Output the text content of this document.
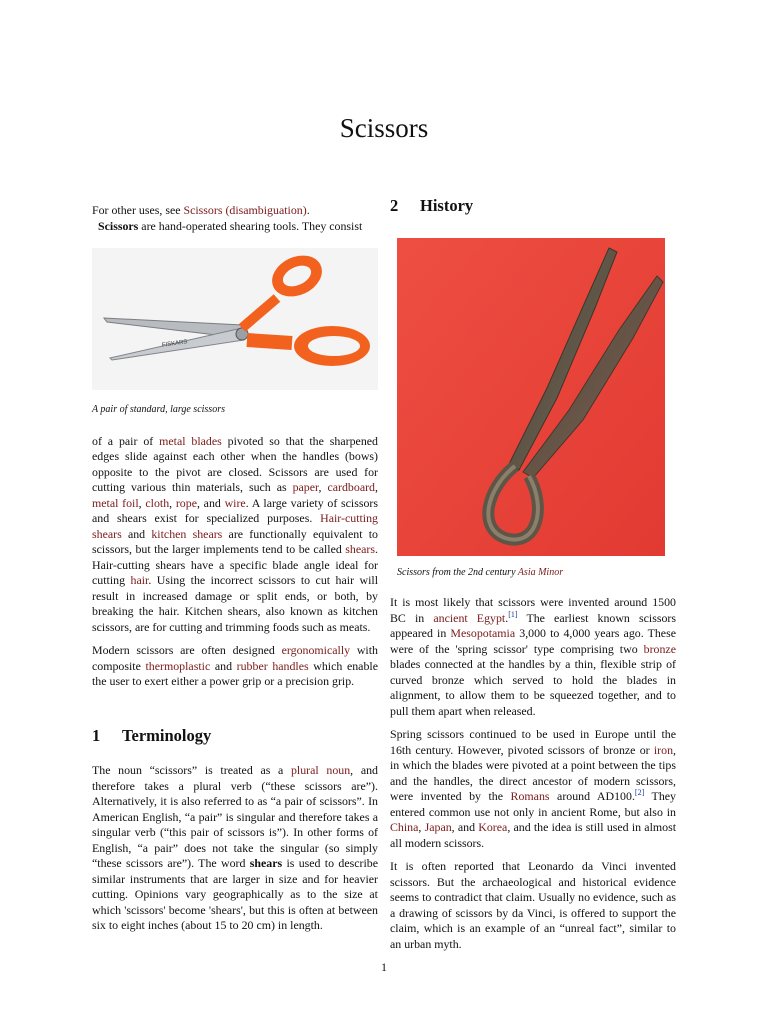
Scissors

For other uses, see Scissors (disambiguation).

Scissors are hand-operated shearing tools. They consist

FISKARS
A pair of standard, large scissors

of a pair of metal blades pivoted so that the sharpened edges slide against each other when the handles (bows) opposite to the pivot are closed. Scissors are used for cutting various thin materials, such as paper, cardboard, metal foil, cloth, rope, and wire. A large variety of scissors and shears exist for specialized purposes. Hair-cutting shears and kitchen shears are functionally equivalent to scissors, but the larger implements tend to be called shears. Hair-cutting shears have a specific blade angle ideal for cutting hair. Using the incorrect scissors to cut hair will result in increased damage or split ends, or both, by breaking the hair. Kitchen shears, also known as kitchen scissors, are for cutting and trimming foods such as meats.

Modern scissors are often designed ergonomically with composite thermoplastic and rubber handles which enable the user to exert either a power grip or a precision grip.

1 Terminology

The noun “scissors” is treated as a plural noun, and therefore takes a plural verb (“these scissors are”). Alternatively, it is also referred to as “a pair of scissors”. In American English, “a pair” is singular and therefore takes a singular verb (“this pair of scissors is”). In other forms of English, “a pair” does not take the singular (so simply “these scissors are”). The word shears is used to describe similar instruments that are larger in size and for heavier cutting. Opinions vary geographically as to the size at which 'scissors' become 'shears', but this is often at between six to eight inches (about 15 to 20 cm) in length.

2 History
Scissors from the 2nd century Asia Minor

It is most likely that scissors were invented around 1500 BC in ancient Egypt.[1] The earliest known scissors appeared in Mesopotamia 3,000 to 4,000 years ago. These were of the 'spring scissor' type comprising two bronze blades connected at the handles by a thin, flexible strip of curved bronze which served to hold the blades in alignment, to allow them to be squeezed together, and to pull them apart when released.

Spring scissors continued to be used in Europe until the 16th century. However, pivoted scissors of bronze or iron, in which the blades were pivoted at a point between the tips and the handles, the direct ancestor of modern scissors, were invented by the Romans around AD100.[2] They entered common use not only in ancient Rome, but also in China, Japan, and Korea, and the idea is still used in almost all modern scissors.

It is often reported that Leonardo da Vinci invented scissors. But the archaeological and historical evidence seems to contradict that claim. Usually no evidence, such as a drawing of scissors by da Vinci, is offered to support the claim, which is an example of an “unreal fact”, similar to an urban myth.

1
